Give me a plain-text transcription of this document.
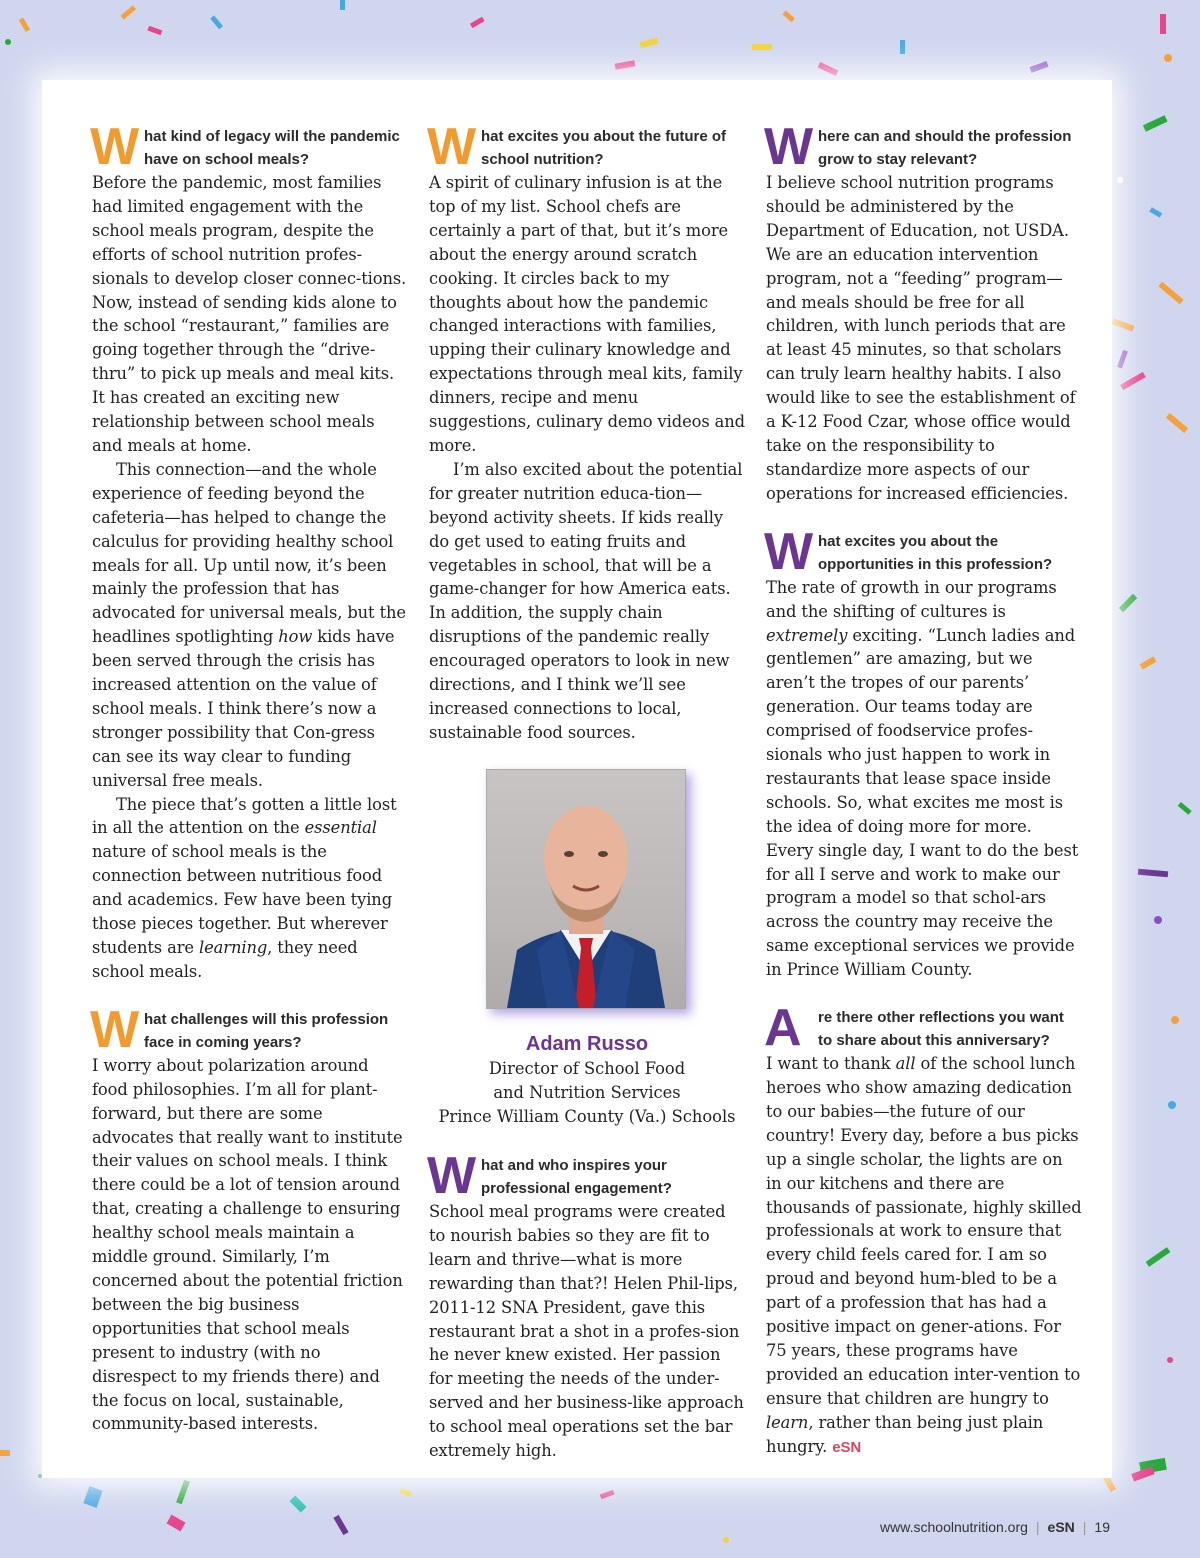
W hat kind of legacy will the pandemic have on school meals?

Before the pandemic, most families had limited engagement with the school meals program, despite the efforts of school nutrition profes-sionals to develop closer connec-tions. Now, instead of sending kids alone to the school “restaurant,” families are going together through the “drive-thru” to pick up meals and meal kits. It has created an exciting new relationship between school meals and meals at home.

This connection—and the whole experience of feeding beyond the cafeteria—has helped to change the calculus for providing healthy school meals for all. Up until now, it’s been mainly the profession that has advocated for universal meals, but the headlines spotlighting how kids have been served through the crisis has increased attention on the value of school meals. I think there’s now a stronger possibility that Con-gress can see its way clear to funding universal free meals.

The piece that’s gotten a little lost in all the attention on the essential nature of school meals is the connection between nutritious food and academics. Few have been tying those pieces together. But wherever students are learning, they need school meals.

W hat challenges will this profession face in coming years?

I worry about polarization around food philosophies. I’m all for plant-forward, but there are some advocates that really want to institute their values on school meals. I think there could be a lot of tension around that, creating a challenge to ensuring healthy school meals maintain a middle ground. Similarly, I’m concerned about the potential friction between the big business opportunities that school meals present to industry (with no disrespect to my friends there) and the focus on local, sustainable, community-based interests.

W hat excites you about the future of school nutrition?

A spirit of culinary infusion is at the top of my list. School chefs are certainly a part of that, but it’s more about the energy around scratch cooking. It circles back to my thoughts about how the pandemic changed interactions with families, upping their culinary knowledge and expectations through meal kits, family dinners, recipe and menu suggestions, culinary demo videos and more.

I’m also excited about the potential for greater nutrition educa-tion—beyond activity sheets. If kids really do get used to eating fruits and vegetables in school, that will be a game-changer for how America eats. In addition, the supply chain disruptions of the pandemic really encouraged operators to look in new directions, and I think we’ll see increased connections to local, sustainable food sources.

Adam Russo
Director of School Food
and Nutrition Services
Prince William County (Va.) Schools
W hat and who inspires your professional engagement?

School meal programs were created to nourish babies so they are fit to learn and thrive—what is more rewarding than that?! Helen Phil-lips, 2011-12 SNA President, gave this restaurant brat a shot in a profes-sion he never knew existed. Her passion for meeting the needs of the under-served and her business-like approach to school meal operations set the bar extremely high.

W here can and should the profession grow to stay relevant?

I believe school nutrition programs should be administered by the Department of Education, not USDA. We are an education intervention program, not a “feeding” program—and meals should be free for all children, with lunch periods that are at least 45 minutes, so that scholars can truly learn healthy habits. I also would like to see the establishment of a K-12 Food Czar, whose office would take on the responsibility to standardize more aspects of our operations for increased efficiencies.

W hat excites you about the opportunities in this profession?

The rate of growth in our programs and the shifting of cultures is extremely exciting. “Lunch ladies and gentlemen” are amazing, but we aren’t the tropes of our parents’ generation. Our teams today are comprised of foodservice profes-sionals who just happen to work in restaurants that lease space inside schools. So, what excites me most is the idea of doing more for more. Every single day, I want to do the best for all I serve and work to make our program a model so that schol-ars across the country may receive the same exceptional services we provide in Prince William County.

A re there other reflections you want to share about this anniversary?

I want to thank all of the school lunch heroes who show amazing dedication to our babies—the future of our country! Every day, before a bus picks up a single scholar, the lights are on in our kitchens and there are thousands of passionate, highly skilled professionals at work to ensure that every child feels cared for. I am so proud and beyond hum-bled to be a part of a profession that has had a positive impact on gener-ations. For 75 years, these programs have provided an education inter-vention to ensure that children are hungry to learn, rather than being just plain hungry. eSN

www.schoolnutrition.org | eSN | 19
